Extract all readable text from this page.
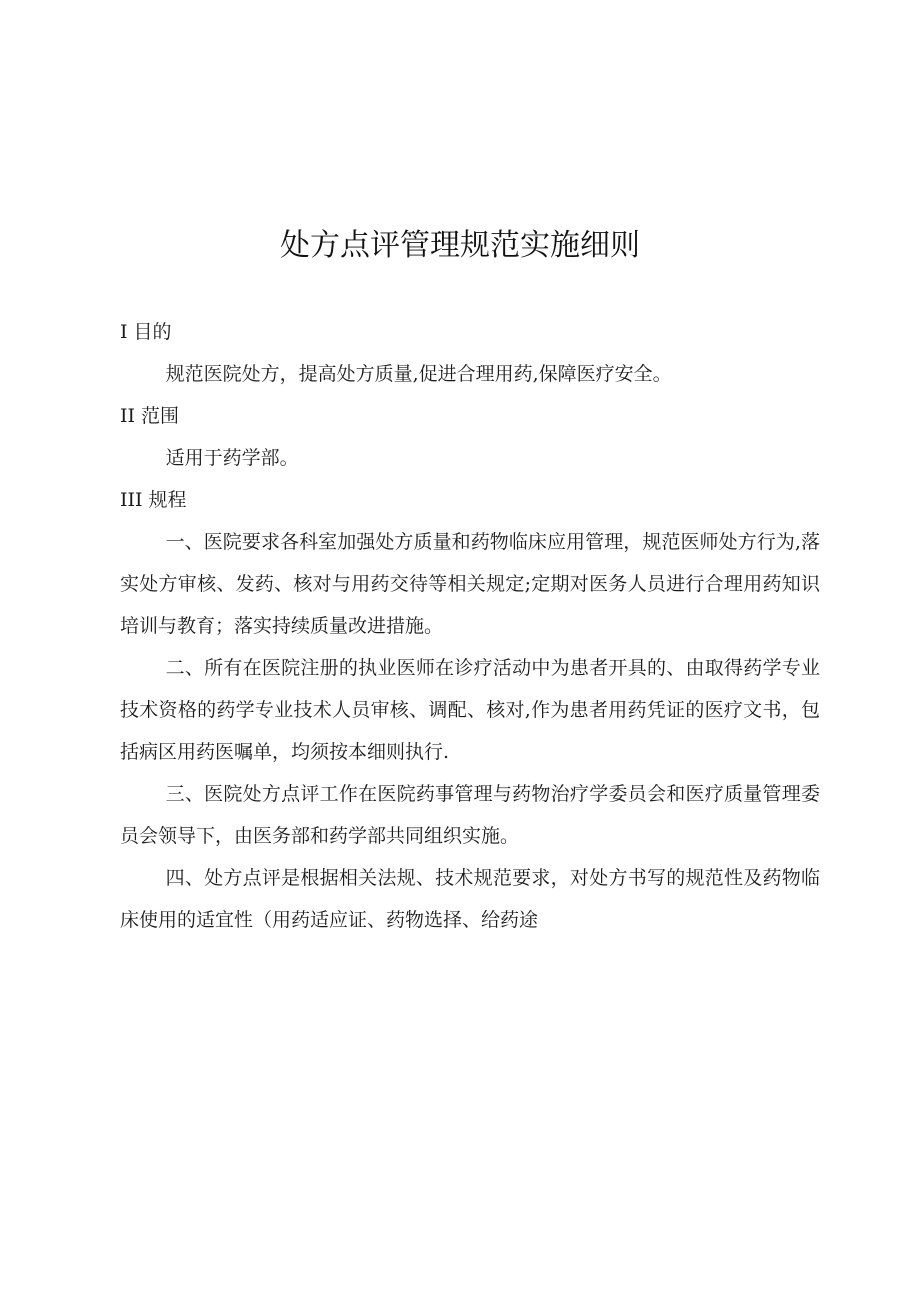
处方点评管理规范实施细则

I 目的

规范医院处方，提高处方质量,促进合理用药,保障医疗安全。

II 范围

适用于药学部。

III 规程

一、医院要求各科室加强处方质量和药物临床应用管理，规范医师处方行为,落实处方审核、发药、核对与用药交待等相关规定;定期对医务人员进行合理用药知识培训与教育；落实持续质量改进措施。

二、所有在医院注册的执业医师在诊疗活动中为患者开具的、由取得药学专业技术资格的药学专业技术人员审核、调配、核对,作为患者用药凭证的医疗文书，包括病区用药医嘱单，均须按本细则执行.

三、医院处方点评工作在医院药事管理与药物治疗学委员会和医疗质量管理委员会领导下，由医务部和药学部共同组织实施。

四、处方点评是根据相关法规、技术规范要求，对处方书写的规范性及药物临床使用的适宜性（用药适应证、药物选择、给药途
